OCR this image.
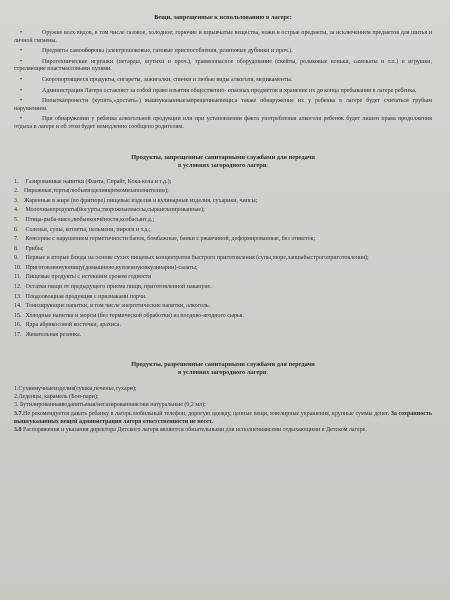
Вещи, запрещенные к использованию в лагере:
• Оружие всех видов, в том числе газовое, холодное; горючие и взрывчатые вещества, ножи и острые предметы, за исключением предметов для шитья и личной гигиены.
• Предметы самообороны (электрошоковые, газовые приспособления, резиновые дубинки и проч.).
• Пиротехнические игрушки (петарды, шутихи и проч.), травмоопасное оборудование (скейты, роликовые коньки, самокаты и т.п.) и игрушки, стреляющие пластмассовыми пулями.
• Скоропортящиеся продукты, сигареты, зажигалки, спички и любые виды алкоголя, медикаменты.
• Администрация Лагеря оставляет за собой право изъятия общественно- опасных предметов и хранение их до конца пребывания в лагере ребенка.
• Попыткапронести (купить,«достать») вышеуказанныезапрещенныевещи,а также обнаружение их у ребенка в лагере будет считаться грубым нарушением.
• При обнаружении у ребенка алкогольной продукции или при установлении факта употребления алкоголя ребенок будет лишен права продолжения отдыха в лагере и об этом будет немедленно сообщено родителям.
Продукты, запрещенные санитарными службами для передачи
в условиях загородного лагеря:
1. Газированные напитки (Фанта, Спрайт, Кока-кола и т.д.);
2. Пирожные,торты(любыеизделиякремомизаполнителем);
3. Жаренные в жире (во фритюре) пищевые изделия и кулинарные изделия, сухарики, чипсы;
4. Молочныепродукты(йогурты,творожныемассы,сыркиглазированные);
5. Птица-рыба-мясо,любыекопчёности,колбасыит.д.;
6. Соленья, супы, котлеты, пельмени, пироги и т.д.;
7. Консервы с нарушением герметичности банок, бомбажные, банки с ржавчиной, деформированные, без этикеток;
8. Грибы;
9. Первые и вторые блюда на основе сухих пищевых концентратов быстрого приготовления (супы,пюре,лапшабыстрогоприготовления);
10. Приготовленнуюпищу(домашнюю,купленнуювкулинарии)-салаты;
11. Пищевые продукты с истекшим сроком годности
12. Остатки пищи от предыдущего приема пищи, приготовленной накануне.
13. Плодоовощная продукция с признаками порчи.
14. Тонизирующие напитки, в том числе энергетические напитки, алкоголь.
15. Холодные напитки и морсы (без термической обработки) из плодово-ягодного сырья.
16. Ядра абрикосовой косточки, арахиса.
17. Жевательная резинка.
Продукты, разрешенные санитарными службами для передачи
в условиях загородного лагеря:
1.Сухиемучныеизделия(сушки,печенье,сухари);
2.Леденцы, карамель (Бон-пари);
3. Бутилированнаяводапитьевая/негазированнаясоки натуральные (0,2 мл);
3.7.Не рекомендуется давать ребенку в лагерь мобильный телефон, дорогую одежду, ценные вещи, ювелирные украшения, крупные суммы денег. За сохранность вышеуказанных вещей администрация лагеря ответственности не несет.
3.8 Распоряжения и указания директора Детского лагеря являются обязательными для исполнениявсеми отдыхающими в Детском лагере.
